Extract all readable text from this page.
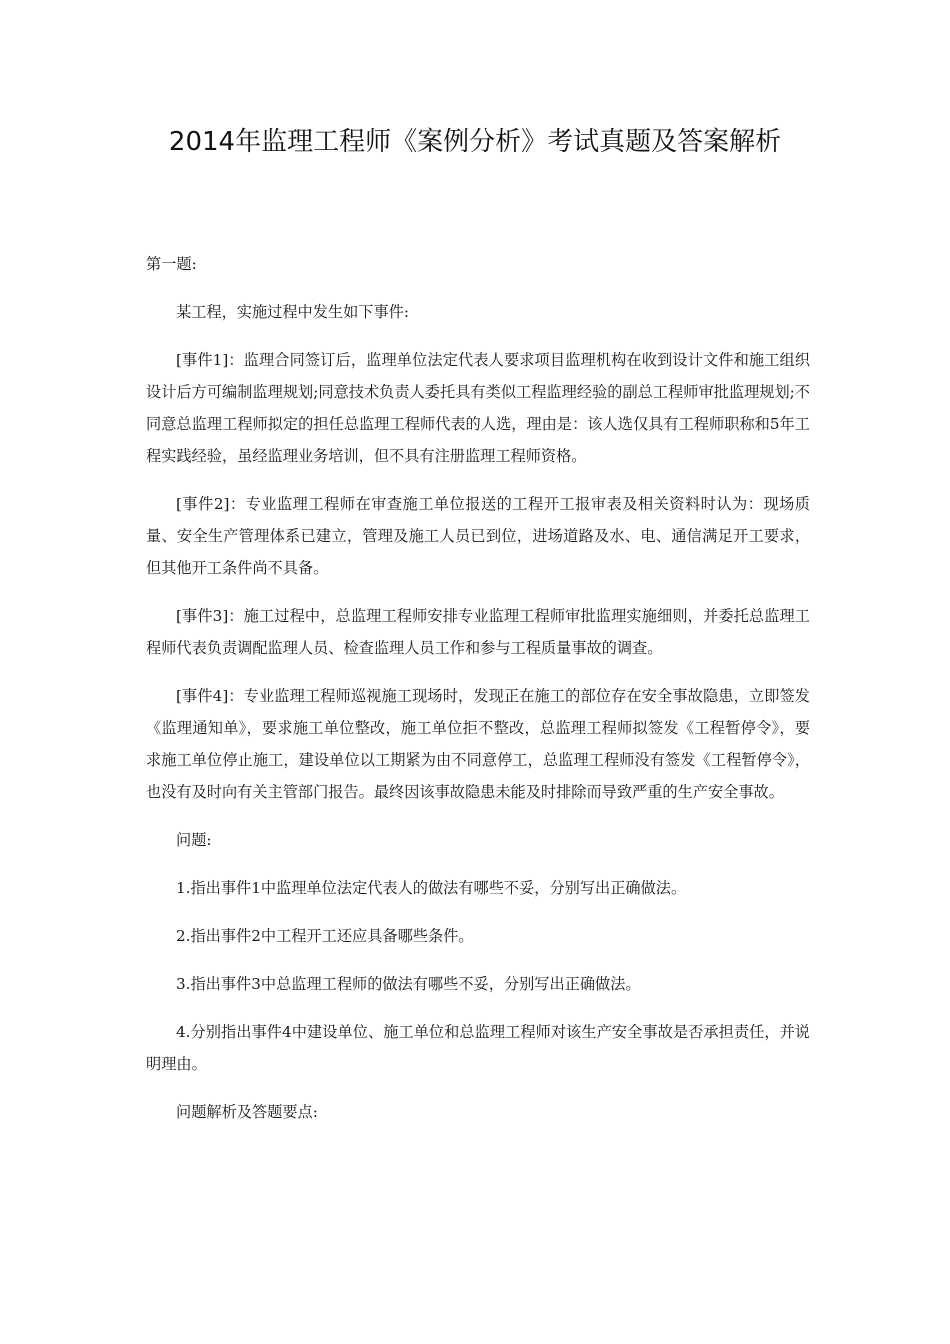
2014年监理工程师《案例分析》考试真题及答案解析

第一题:

某工程，实施过程中发生如下事件:

[事件1]：监理合同签订后，监理单位法定代表人要求项目监理机构在收到设计文件和施工组织设计后方可编制监理规划;同意技术负责人委托具有类似工程监理经验的副总工程师审批监理规划;不同意总监理工程师拟定的担任总监理工程师代表的人选，理由是：该人选仅具有工程师职称和5年工程实践经验，虽经监理业务培训，但不具有注册监理工程师资格。

[事件2]：专业监理工程师在审查施工单位报送的工程开工报审表及相关资料时认为：现场质量、安全生产管理体系已建立，管理及施工人员已到位，进场道路及水、电、通信满足开工要求，但其他开工条件尚不具备。

[事件3]：施工过程中，总监理工程师安排专业监理工程师审批监理实施细则，并委托总监理工程师代表负责调配监理人员、检查监理人员工作和参与工程质量事故的调查。

[事件4]：专业监理工程师巡视施工现场时，发现正在施工的部位存在安全事故隐患，立即签发《监理通知单》，要求施工单位整改，施工单位拒不整改，总监理工程师拟签发《工程暂停令》，要求施工单位停止施工，建设单位以工期紧为由不同意停工，总监理工程师没有签发《工程暂停令》，也没有及时向有关主管部门报告。最终因该事故隐患未能及时排除而导致严重的生产安全事故。

问题:

1.指出事件1中监理单位法定代表人的做法有哪些不妥，分别写出正确做法。

2.指出事件2中工程开工还应具备哪些条件。

3.指出事件3中总监理工程师的做法有哪些不妥，分别写出正确做法。

4.分别指出事件4中建设单位、施工单位和总监理工程师对该生产安全事故是否承担责任，并说明理由。

问题解析及答题要点:
